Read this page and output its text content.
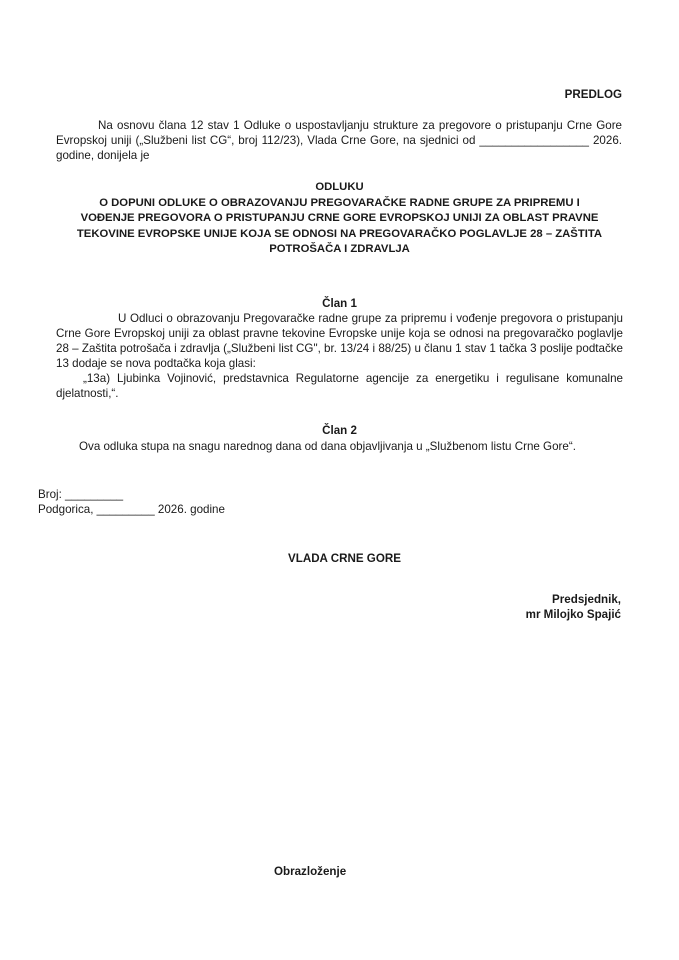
PREDLOG

Na osnovu člana 12 stav 1 Odluke o uspostavljanju strukture za pregovore o pristupanju Crne Gore Evropskoj uniji („Službeni list CG“, broj 112/23), Vlada Crne Gore, na sjednici od _________________ 2026. godine, donijela je

ODLUKU
O DOPUNI ODLUKE O OBRAZOVANJU PREGOVARAČKE RADNE GRUPE ZA PRIPREMU I
VOĐENJE PREGOVORA O PRISTUPANJU CRNE GORE EVROPSKOJ UNIJI ZA OBLAST PRAVNE
TEKOVINE EVROPSKE UNIJE KOJA SE ODNOSI NA PREGOVARAČKO POGLAVLJE 28 – ZAŠTITA
POTROŠAČA I ZDRAVLJA
Član 1

U Odluci o obrazovanju Pregovaračke radne grupe za pripremu i vođenje pregovora o pristupanju Crne Gore Evropskoj uniji za oblast pravne tekovine Evropske unije koja se odnosi na pregovaračko poglavlje 28 – Zaštita potrošača i zdravlja („Službeni list CG", br. 13/24 i 88/25) u članu 1 stav 1 tačka 3 poslije podtačke 13 dodaje se nova podtačka koja glasi:

„13a) Ljubinka Vojinović, predstavnica Regulatorne agencije za energetiku i regulisane komunalne djelatnosti,“.

Član 2

Ova odluka stupa na snagu narednog dana od dana objavljivanja u „Službenom listu Crne Gore“.

Broj: _________
Podgorica, _________ 2026. godine
VLADA CRNE GORE
Predsjednik,
mr Milojko Spajić
Obrazloženje
